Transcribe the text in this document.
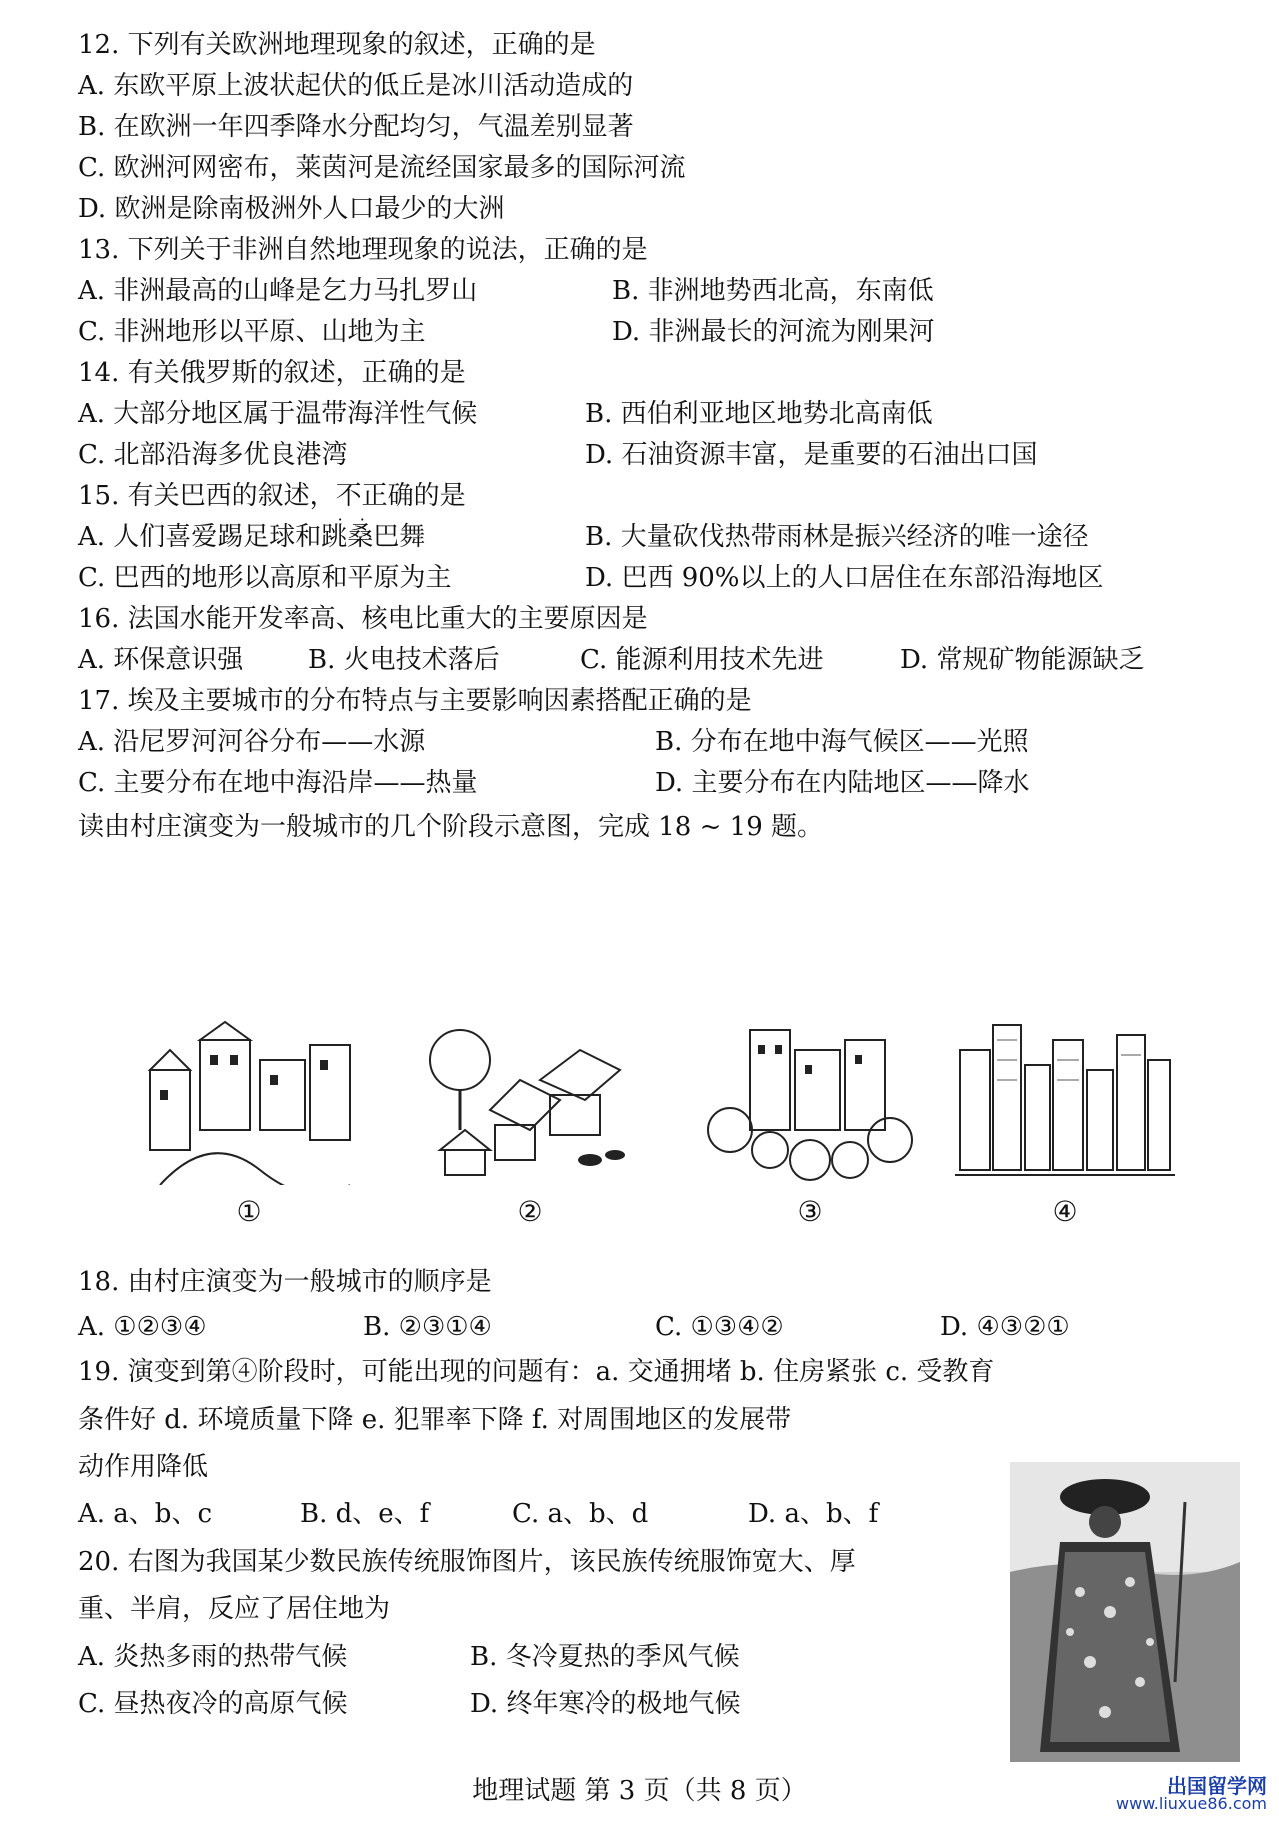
12. 下列有关欧洲地理现象的叙述，正确的是
A. 东欧平原上波状起伏的低丘是冰川活动造成的
B. 在欧洲一年四季降水分配均匀，气温差别显著
C. 欧洲河网密布，莱茵河是流经国家最多的国际河流
D. 欧洲是除南极洲外人口最少的大洲
13. 下列关于非洲自然地理现象的说法，正确的是
A. 非洲最高的山峰是乞力马扎罗山	B. 非洲地势西北高，东南低
C. 非洲地形以平原、山地为主	D. 非洲最长的河流为刚果河
14. 有关俄罗斯的叙述，正确的是
A. 大部分地区属于温带海洋性气候	B. 西伯利亚地区地势北高南低
C. 北部沿海多优良港湾	D. 石油资源丰富，是重要的石油出口国
15. 有关巴西的叙述，不正确 · ·的是
A. 人们喜爱踢足球和跳桑巴舞	B. 大量砍伐热带雨林是振兴经济的唯一途径
C. 巴西的地形以高原和平原为主	D. 巴西 90%以上的人口居住在东部沿海地区
16. 法国水能开发率高、核电比重大的主要原因是
A. 环保意识强 B. 火电技术落后	C. 能源利用技术先进	D. 常规矿物能源缺乏
17. 埃及主要城市的分布特点与主要影响因素搭配正确的是
A. 沿尼罗河河谷分布——水源	B. 分布在地中海气候区——光照
C. 主要分布在地中海沿岸——热量	D. 主要分布在内陆地区——降水
读由村庄演变为一般城市的几个阶段示意图，完成 18 ~ 19 题。
①	②	③	④
18. 由村庄演变为一般城市的顺序是
A. ①②③④	B. ②③①④	C. ①③④②	D. ④③②①
19. 演变到第④阶段时，可能出现的问题有：a. 交通拥堵 b. 住房紧张 c. 受教育
条件好 d. 环境质量下降 e. 犯罪率下降 f. 对周围地区的发展带
动作用降低
A. a、b、c	B. d、e、f	C. a、b、d	D. a、b、f
20. 右图为我国某少数民族传统服饰图片，该民族传统服饰宽大、厚
重、半肩，反应了居住地为
A. 炎热多雨的热带气候	B. 冬冷夏热的季风气候
C. 昼热夜冷的高原气候	D. 终年寒冷的极地气候
地理试题 第 3 页（共 8 页）	出国留学网
www.liuxue86.com
